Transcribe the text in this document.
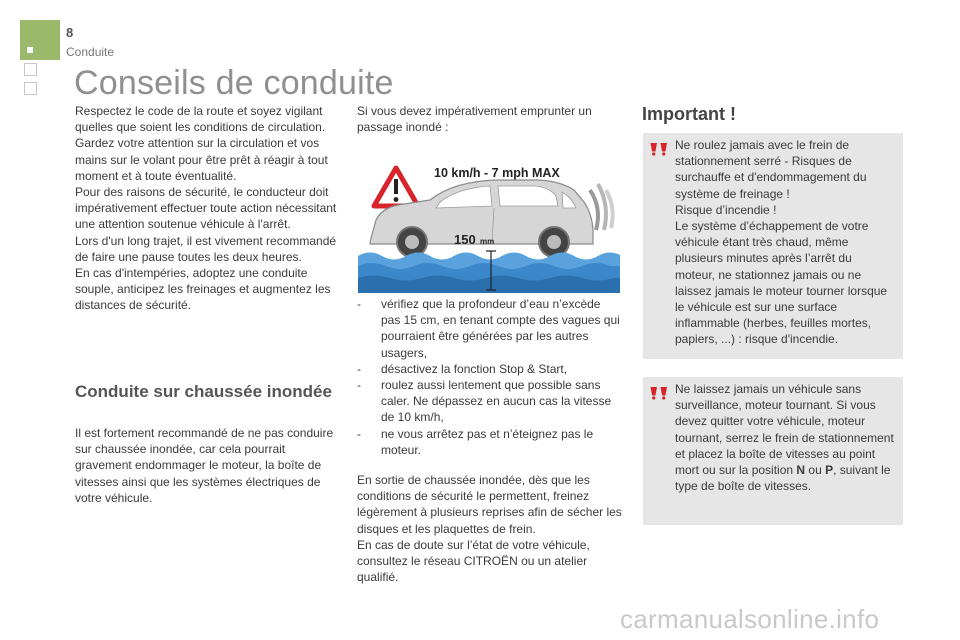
8
Conduite
Conseils de conduite

Respectez le code de la route et soyez vigilant quelles que soient les conditions de circulation.

Gardez votre attention sur la circulation et vos mains sur le volant pour être prêt à réagir à tout moment et à toute éventualité.

Pour des raisons de sécurité, le conducteur doit impérativement effectuer toute action nécessitant une attention soutenue véhicule à l'arrêt.

Lors d'un long trajet, il est vivement recommandé de faire une pause toutes les deux heures.

En cas d'intempéries, adoptez une conduite souple, anticipez les freinages et augmentez les distances de sécurité.

Conduite sur chaussée inondée

Il est fortement recommandé de ne pas conduire sur chaussée inondée, car cela pourrait gravement endommager le moteur, la boîte de vitesses ainsi que les systèmes électriques de votre véhicule.

Si vous devez impérativement emprunter un passage inondé :

10 km/h - 7 mph MAX
150 mm
- vérifiez que la profondeur d’eau n’excède pas 15 cm, en tenant compte des vagues qui pourraient être générées par les autres usagers,
- désactivez la fonction Stop & Start,
- roulez aussi lentement que possible sans caler. Ne dépassez en aucun cas la vitesse de 10 km/h,
- ne vous arrêtez pas et n’éteignez pas le moteur.

En sortie de chaussée inondée, dès que les conditions de sécurité le permettent, freinez légèrement à plusieurs reprises afin de sécher les disques et les plaquettes de frein.

En cas de doute sur l’état de votre véhicule, consultez le réseau CITROËN ou un atelier qualifié.

Important !

Ne roulez jamais avec le frein de stationnement serré - Risques de surchauffe et d'endommagement du système de freinage !

Risque d’incendie !

Le système d’échappement de votre véhicule étant très chaud, même plusieurs minutes après l’arrêt du moteur, ne stationnez jamais ou ne laissez jamais le moteur tourner lorsque le véhicule est sur une surface inflammable (herbes, feuilles mortes, papiers, ...) : risque d'incendie.

Ne laissez jamais un véhicule sans surveillance, moteur tournant. Si vous devez quitter votre véhicule, moteur tournant, serrez le frein de stationnement et placez la boîte de vitesses au point mort ou sur la position N ou P, suivant le type de boîte de vitesses.

carmanualsonline.info
